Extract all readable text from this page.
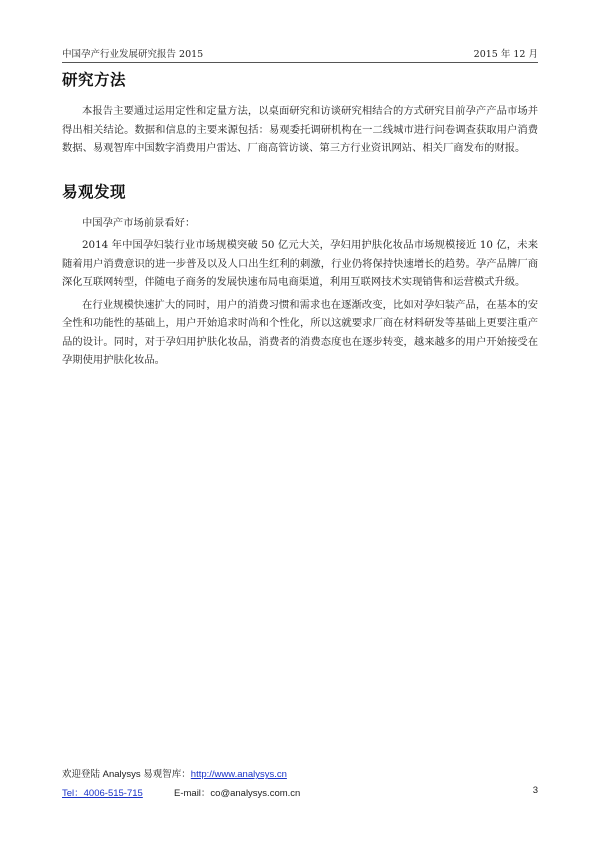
中国孕产行业发展研究报告 2015	2015 年 12 月
研究方法

本报告主要通过运用定性和定量方法，以桌面研究和访谈研究相结合的方式研究目前孕产产品市场并得出相关结论。数据和信息的主要来源包括：易观委托调研机构在一二线城市进行问卷调查获取用户消费数据、易观智库中国数字消费用户雷达、厂商高管访谈、第三方行业资讯网站、相关厂商发布的财报。

易观发现

中国孕产市场前景看好：

2014 年中国孕妇装行业市场规模突破 50 亿元大关，孕妇用护肤化妆品市场规模接近 10 亿，未来随着用户消费意识的进一步普及以及人口出生红利的刺激，行业仍将保持快速增长的趋势。孕产品牌厂商深化互联网转型，伴随电子商务的发展快速布局电商渠道，利用互联网技术实现销售和运营模式升级。

在行业规模快速扩大的同时，用户的消费习惯和需求也在逐渐改变，比如对孕妇装产品，在基本的安全性和功能性的基础上，用户开始追求时尚和个性化，所以这就要求厂商在材料研发等基础上更要注重产品的设计。同时，对于孕妇用护肤化妆品，消费者的消费态度也在逐步转变，越来越多的用户开始接受在孕期使用护肤化妆品。

欢迎登陆 Analysys 易观智库：http://www.analysys.cn
Tel：4006-515-715	E-mail：co@analysys.com.cn	3
